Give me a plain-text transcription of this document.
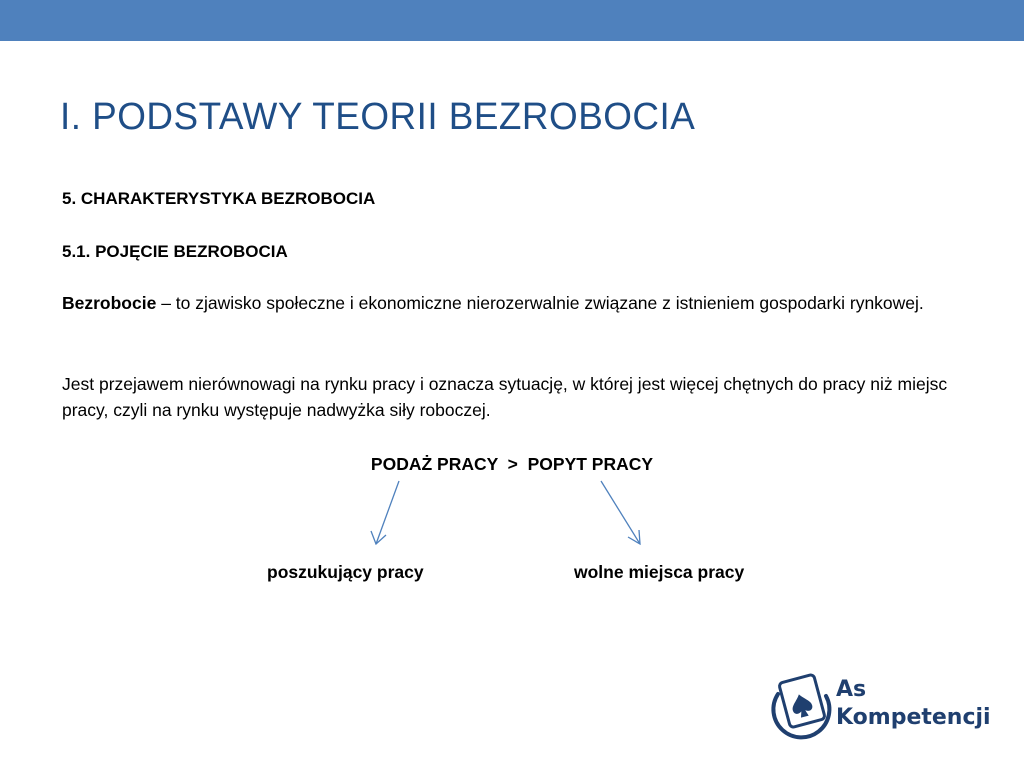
I. PODSTAWY TEORII BEZROBOCIA

5. CHARAKTERYSTYKA BEZROBOCIA

5.1. POJĘCIE BEZROBOCIA

Bezrobocie – to zjawisko społeczne i ekonomiczne nierozerwalnie związane z istnieniem gospodarki rynkowej.

Jest przejawem nierównowagi na rynku pracy i oznacza sytuację, w której jest więcej chętnych do pracy niż miejsc pracy, czyli na rynku występuje nadwyżka siły roboczej.

PODAŻ PRACY  >  POPYT PRACY
poszukujący pracy	wolne miejsca pracy
As
Kompetencji
